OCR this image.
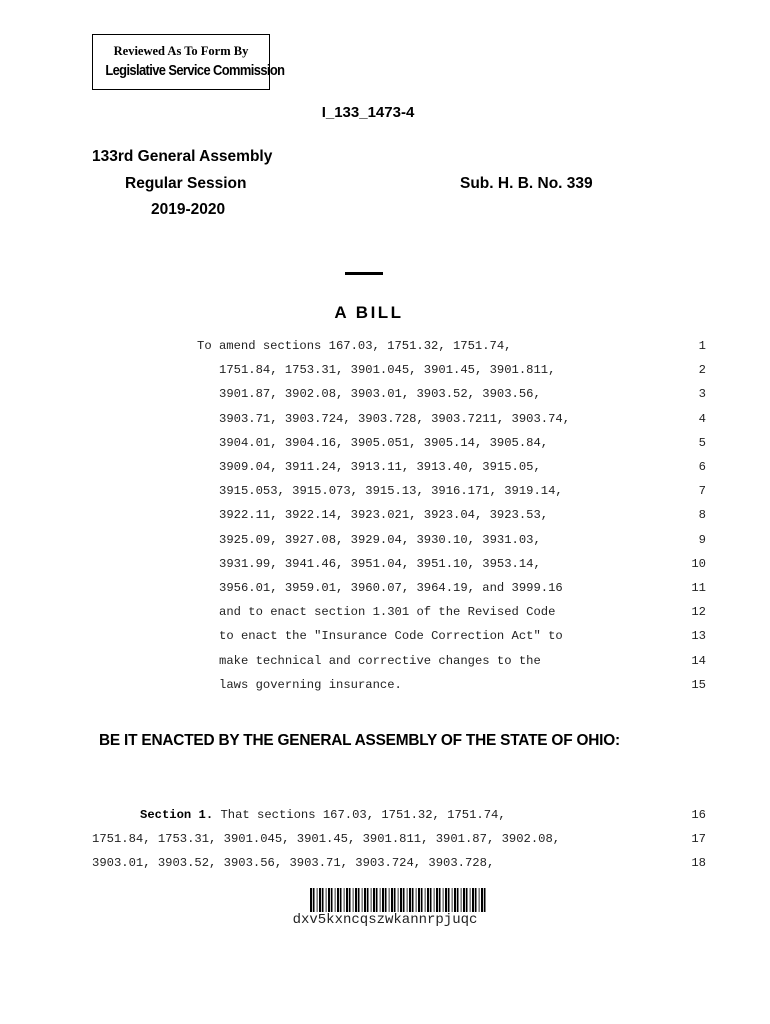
Reviewed As To Form By
Legislative Service Commission
I_133_1473-4
133rd General Assembly
Regular Session
2019-2020
Sub. H. B. No. 339
A BILL
To amend sections 167.03, 1751.32, 1751.74,	1
1751.84, 1753.31, 3901.045, 3901.45, 3901.811,	2
3901.87, 3902.08, 3903.01, 3903.52, 3903.56,	3
3903.71, 3903.724, 3903.728, 3903.7211, 3903.74,	4
3904.01, 3904.16, 3905.051, 3905.14, 3905.84,	5
3909.04, 3911.24, 3913.11, 3913.40, 3915.05,	6
3915.053, 3915.073, 3915.13, 3916.171, 3919.14,	7
3922.11, 3922.14, 3923.021, 3923.04, 3923.53,	8
3925.09, 3927.08, 3929.04, 3930.10, 3931.03,	9
3931.99, 3941.46, 3951.04, 3951.10, 3953.14,	10
3956.01, 3959.01, 3960.07, 3964.19, and 3999.16	11
and to enact section 1.301 of the Revised Code	12
to enact the "Insurance Code Correction Act" to	13
make technical and corrective changes to the	14
laws governing insurance.	15
BE IT ENACTED BY THE GENERAL ASSEMBLY OF THE STATE OF OHIO:
Section 1. That sections 167.03, 1751.32, 1751.74,	16
1751.84, 1753.31, 3901.045, 3901.45, 3901.811, 3901.87, 3902.08,	17
3903.01, 3903.52, 3903.56, 3903.71, 3903.724, 3903.728,	18
dxv5kxncqszwkannrpjuqc
